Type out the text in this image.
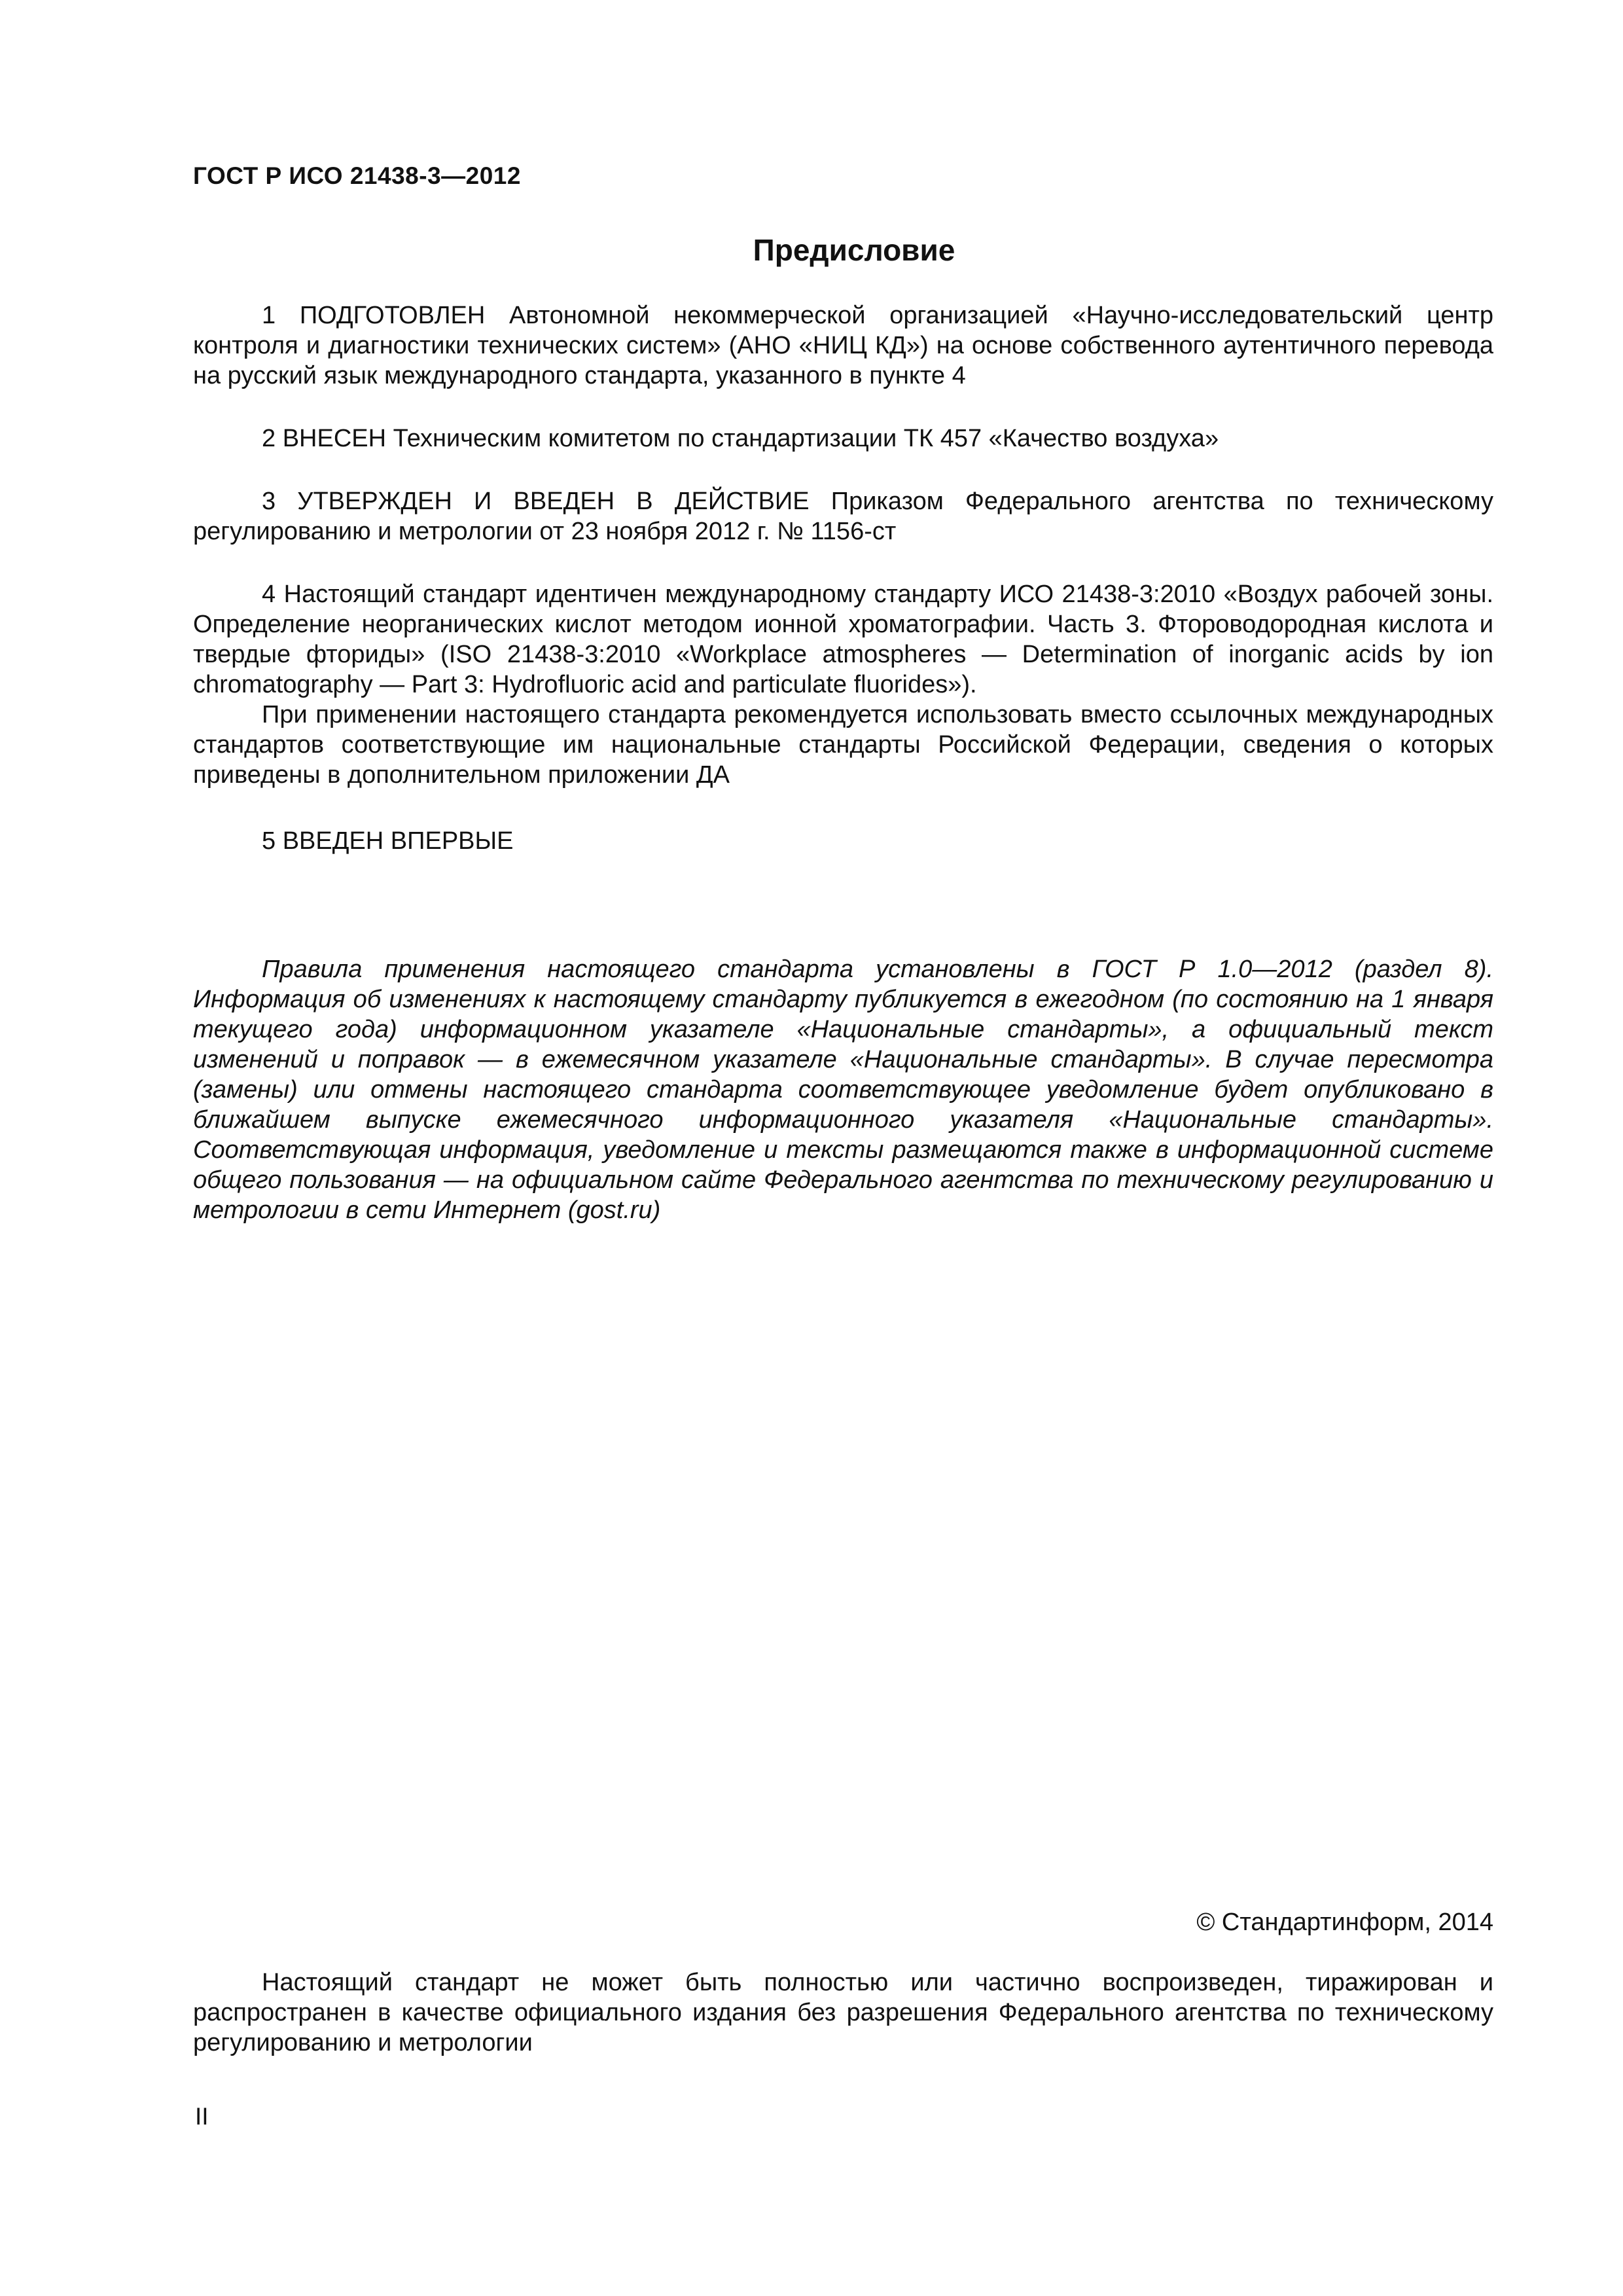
ГОСТ Р ИСО 21438-3—2012
Предисловие

1 ПОДГОТОВЛЕН Автономной некоммерческой организацией «Научно-исследовательский центр контроля и диагностики технических систем» (АНО «НИЦ КД») на основе собственного аутентичного перевода на русский язык международного стандарта, указанного в пункте 4

2 ВНЕСЕН Техническим комитетом по стандартизации ТК 457 «Качество воздуха»

3 УТВЕРЖДЕН И ВВЕДЕН В ДЕЙСТВИЕ Приказом Федерального агентства по техническому регулированию и метрологии от 23 ноября 2012 г. № 1156-ст

4 Настоящий стандарт идентичен международному стандарту ИСО 21438-3:2010 «Воздух рабочей зоны. Определение неорганических кислот методом ионной хроматографии. Часть 3. Фтороводородная кислота и твердые фториды» (ISO 21438-3:2010 «Workplace atmospheres — Determination of inorganic acids by ion chromatography — Part 3: Hydrofluoric acid and particulate fluorides»).

При применении настоящего стандарта рекомендуется использовать вместо ссылочных международных стандартов соответствующие им национальные стандарты Российской Федерации, сведения о которых приведены в дополнительном приложении ДА

5 ВВЕДЕН ВПЕРВЫЕ

Правила применения настоящего стандарта установлены в ГОСТ Р 1.0—2012 (раздел 8). Информация об изменениях к настоящему стандарту публикуется в ежегодном (по состоянию на 1 января текущего года) информационном указателе «Национальные стандарты», а официальный текст изменений и поправок — в ежемесячном указателе «Национальные стандарты». В случае пересмотра (замены) или отмены настоящего стандарта соответствующее уведомление будет опубликовано в ближайшем выпуске ежемесячного информационного указателя «Национальные стандарты». Соответствующая информация, уведомление и тексты размещаются также в информационной системе общего пользования — на официальном сайте Федерального агентства по техническому регулированию и метрологии в сети Интернет (gost.ru)

© Стандартинформ, 2014

Настоящий стандарт не может быть полностью или частично воспроизведен, тиражирован и распространен в качестве официального издания без разрешения Федерального агентства по техническому регулированию и метрологии

II
